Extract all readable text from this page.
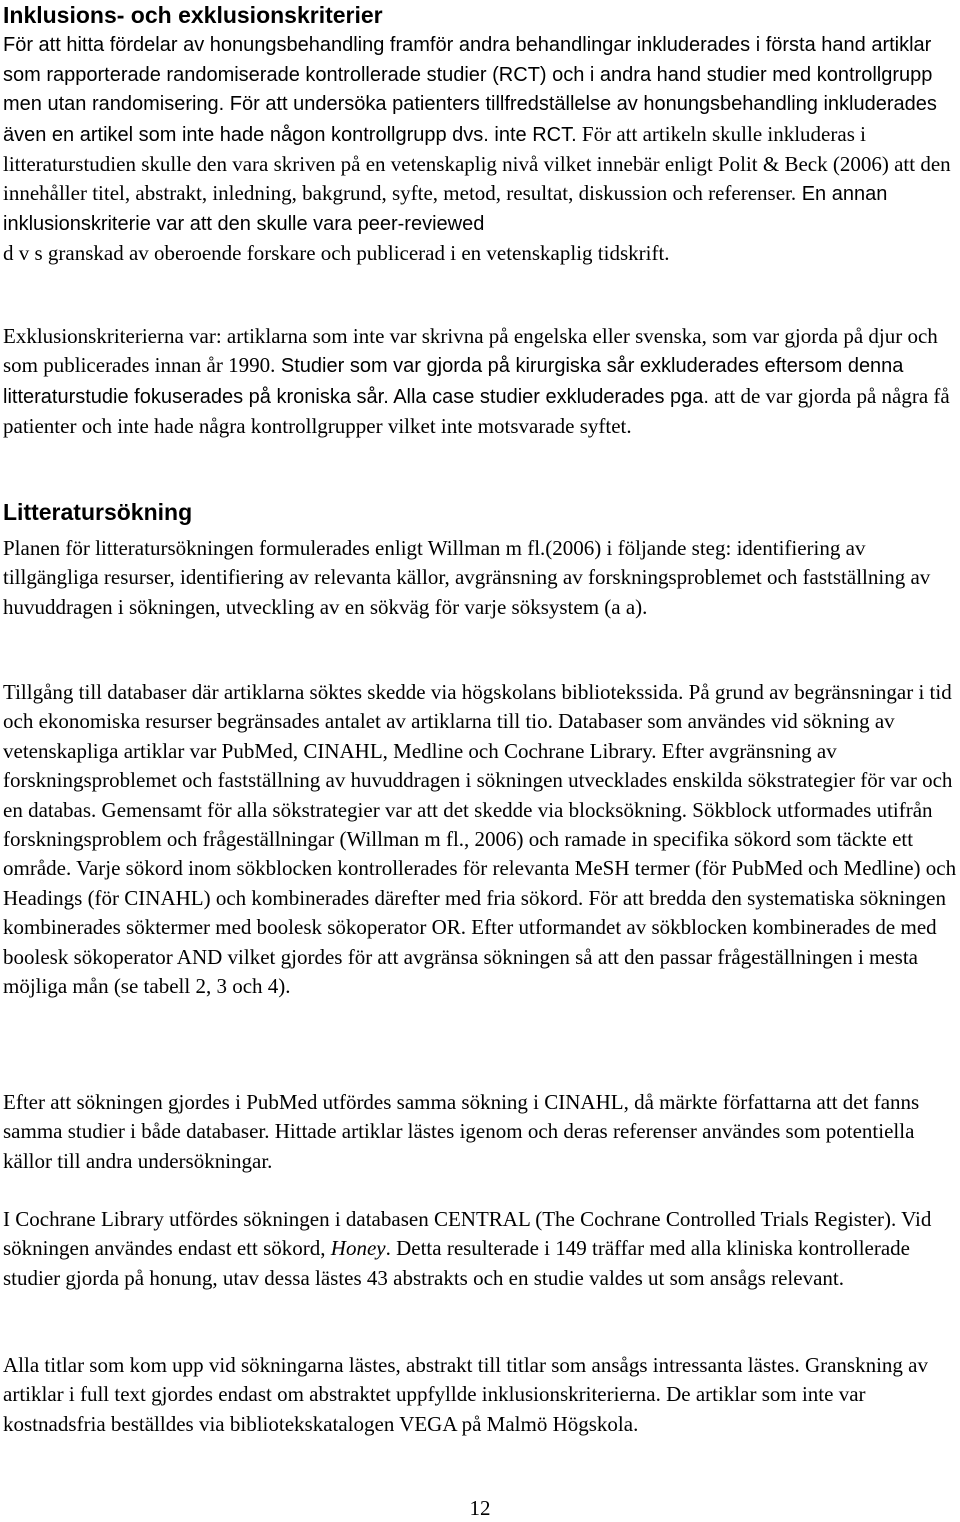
Inklusions- och exklusionskriterier

För att hitta fördelar av honungsbehandling framför andra behandlingar inkluderades i första hand artiklar som rapporterade randomiserade kontrollerade studier (RCT) och i andra hand studier med kontrollgrupp men utan randomisering. För att undersöka patienters tillfredställelse av honungsbehandling inkluderades även en artikel som inte hade någon kontrollgrupp dvs. inte RCT. För att artikeln skulle inkluderas i litteraturstudien skulle den vara skriven på en vetenskaplig nivå vilket innebär enligt Polit & Beck (2006) att den innehåller titel, abstrakt, inledning, bakgrund, syfte, metod, resultat, diskussion och referenser. En annan inklusionskriterie var att den skulle vara peer-reviewed
d v s granskad av oberoende forskare och publicerad i en vetenskaplig tidskrift.

Exklusionskriterierna var: artiklarna som inte var skrivna på engelska eller svenska, som var gjorda på djur och som publicerades innan år 1990. Studier som var gjorda på kirurgiska sår exkluderades eftersom denna litteraturstudie fokuserades på kroniska sår. Alla case studier exkluderades pga. att de var gjorda på några få patienter och inte hade några kontrollgrupper vilket inte motsvarade syftet.

Litteratursökning

Planen för litteratursökningen formulerades enligt Willman m fl.(2006) i följande steg: identifiering av tillgängliga resurser, identifiering av relevanta källor, avgränsning av forskningsproblemet och fastställning av huvuddragen i sökningen, utveckling av en sökväg för varje söksystem (a a).

Tillgång till databaser där artiklarna söktes skedde via högskolans bibliotekssida. På grund av begränsningar i tid och ekonomiska resurser begränsades antalet av artiklarna till tio. Databaser som användes vid sökning av vetenskapliga artiklar var PubMed, CINAHL, Medline och Cochrane Library. Efter avgränsning av forskningsproblemet och fastställning av huvuddragen i sökningen utvecklades enskilda sökstrategier för var och en databas. Gemensamt för alla sökstrategier var att det skedde via blocksökning. Sökblock utformades utifrån forskningsproblem och frågeställningar (Willman m fl., 2006) och ramade in specifika sökord som täckte ett område. Varje sökord inom sökblocken kontrollerades för relevanta MeSH termer (för PubMed och Medline) och Headings (för CINAHL) och kombinerades därefter med fria sökord. För att bredda den systematiska sökningen kombinerades söktermer med boolesk sökoperator OR. Efter utformandet av sökblocken kombinerades de med boolesk sökoperator AND vilket gjordes för att avgränsa sökningen så att den passar frågeställningen i mesta möjliga mån (se tabell 2, 3 och 4).

Efter att sökningen gjordes i PubMed utfördes samma sökning i CINAHL, då märkte författarna att det fanns samma studier i både databaser. Hittade artiklar lästes igenom och deras referenser användes som potentiella källor till andra undersökningar.

I Cochrane Library utfördes sökningen i databasen CENTRAL (The Cochrane Controlled Trials Register). Vid sökningen användes endast ett sökord, Honey. Detta resulterade i 149 träffar med alla kliniska kontrollerade studier gjorda på honung, utav dessa lästes 43 abstrakts och en studie valdes ut som ansågs relevant.

Alla titlar som kom upp vid sökningarna lästes, abstrakt till titlar som ansågs intressanta lästes. Granskning av artiklar i full text gjordes endast om abstraktet uppfyllde inklusionskriterierna. De artiklar som inte var kostnadsfria beställdes via bibliotekskatalogen VEGA på Malmö Högskola.

12
